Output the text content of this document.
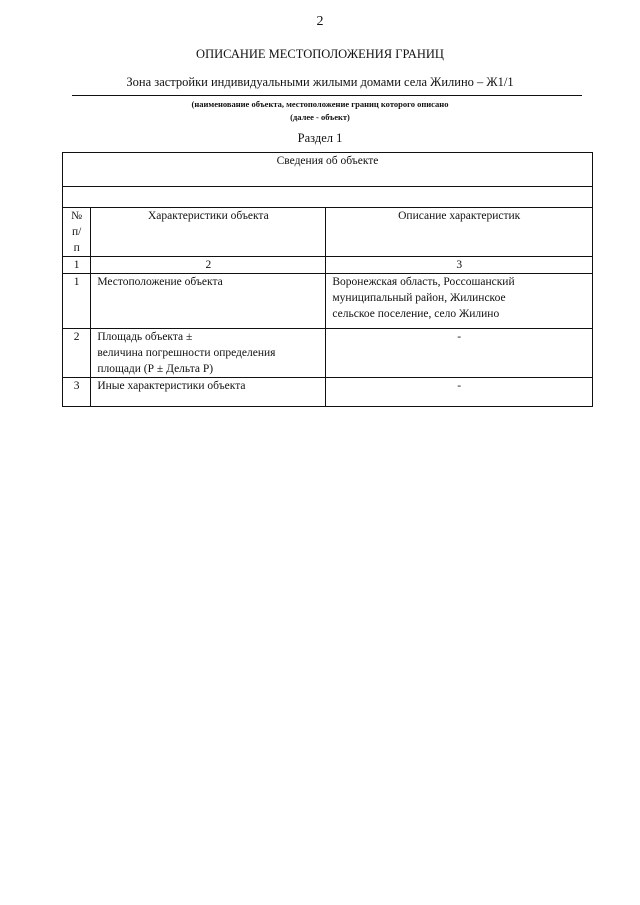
2
ОПИСАНИЕ МЕСТОПОЛОЖЕНИЯ ГРАНИЦ
Зона застройки индивидуальными жилыми домами села Жилино – Ж1/1
(наименование объекта, местоположение границ которого описано
(далее - объект)
Раздел 1
Сведения об объекте		

№
п/п	Характеристики объекта	Описание характеристик
1	2	3
1	Местоположение объекта	Воронежская область, Россошанский
муниципальный район, Жилинское
сельское поселение, село Жилино

2	Площадь объекта ±
величина погрешности определения
площади (Р ± Дельта Р)	-
3	Иные характеристики объекта	-
